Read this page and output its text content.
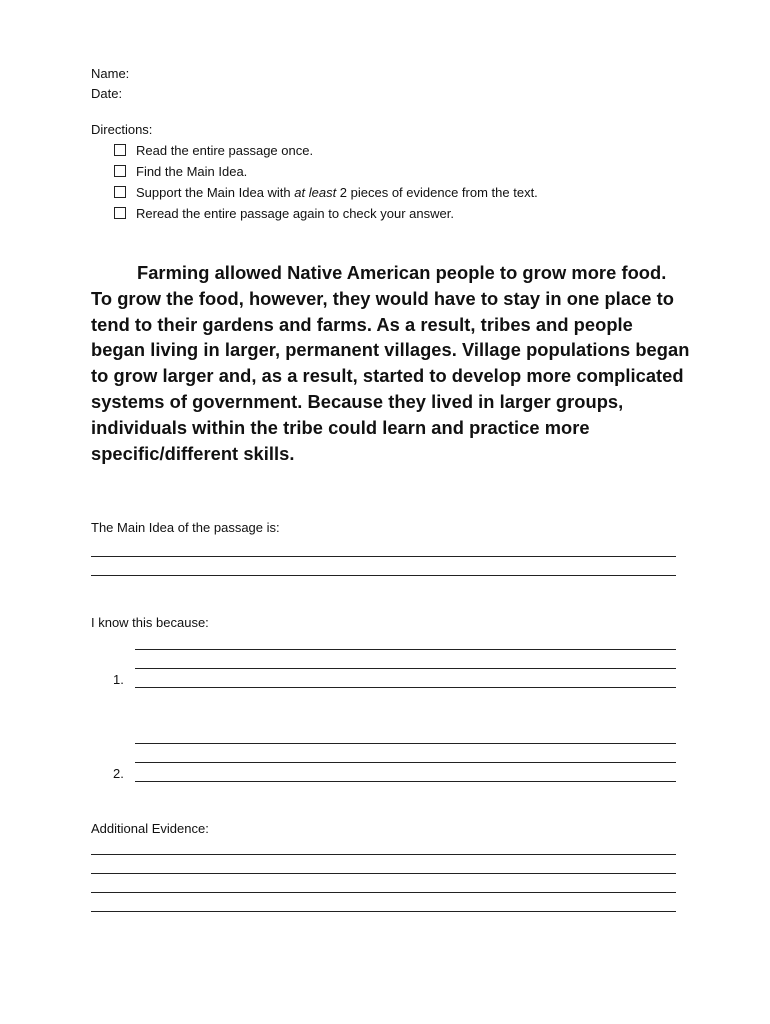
Name:
Date:
Directions:
Read the entire passage once.
Find the Main Idea.
Support the Main Idea with at least 2 pieces of evidence from the text.
Reread the entire passage again to check your answer.

Farming allowed Native American people to grow more food. To grow the food, however, they would have to stay in one place to tend to their gardens and farms. As a result, tribes and people began living in larger, permanent villages. Village populations began to grow larger and, as a result, started to develop more complicated systems of government. Because they lived in larger groups, individuals within the tribe could learn and practice more specific/different skills.

The Main Idea of the passage is:
I know this because:
1.
2.
Additional Evidence:
